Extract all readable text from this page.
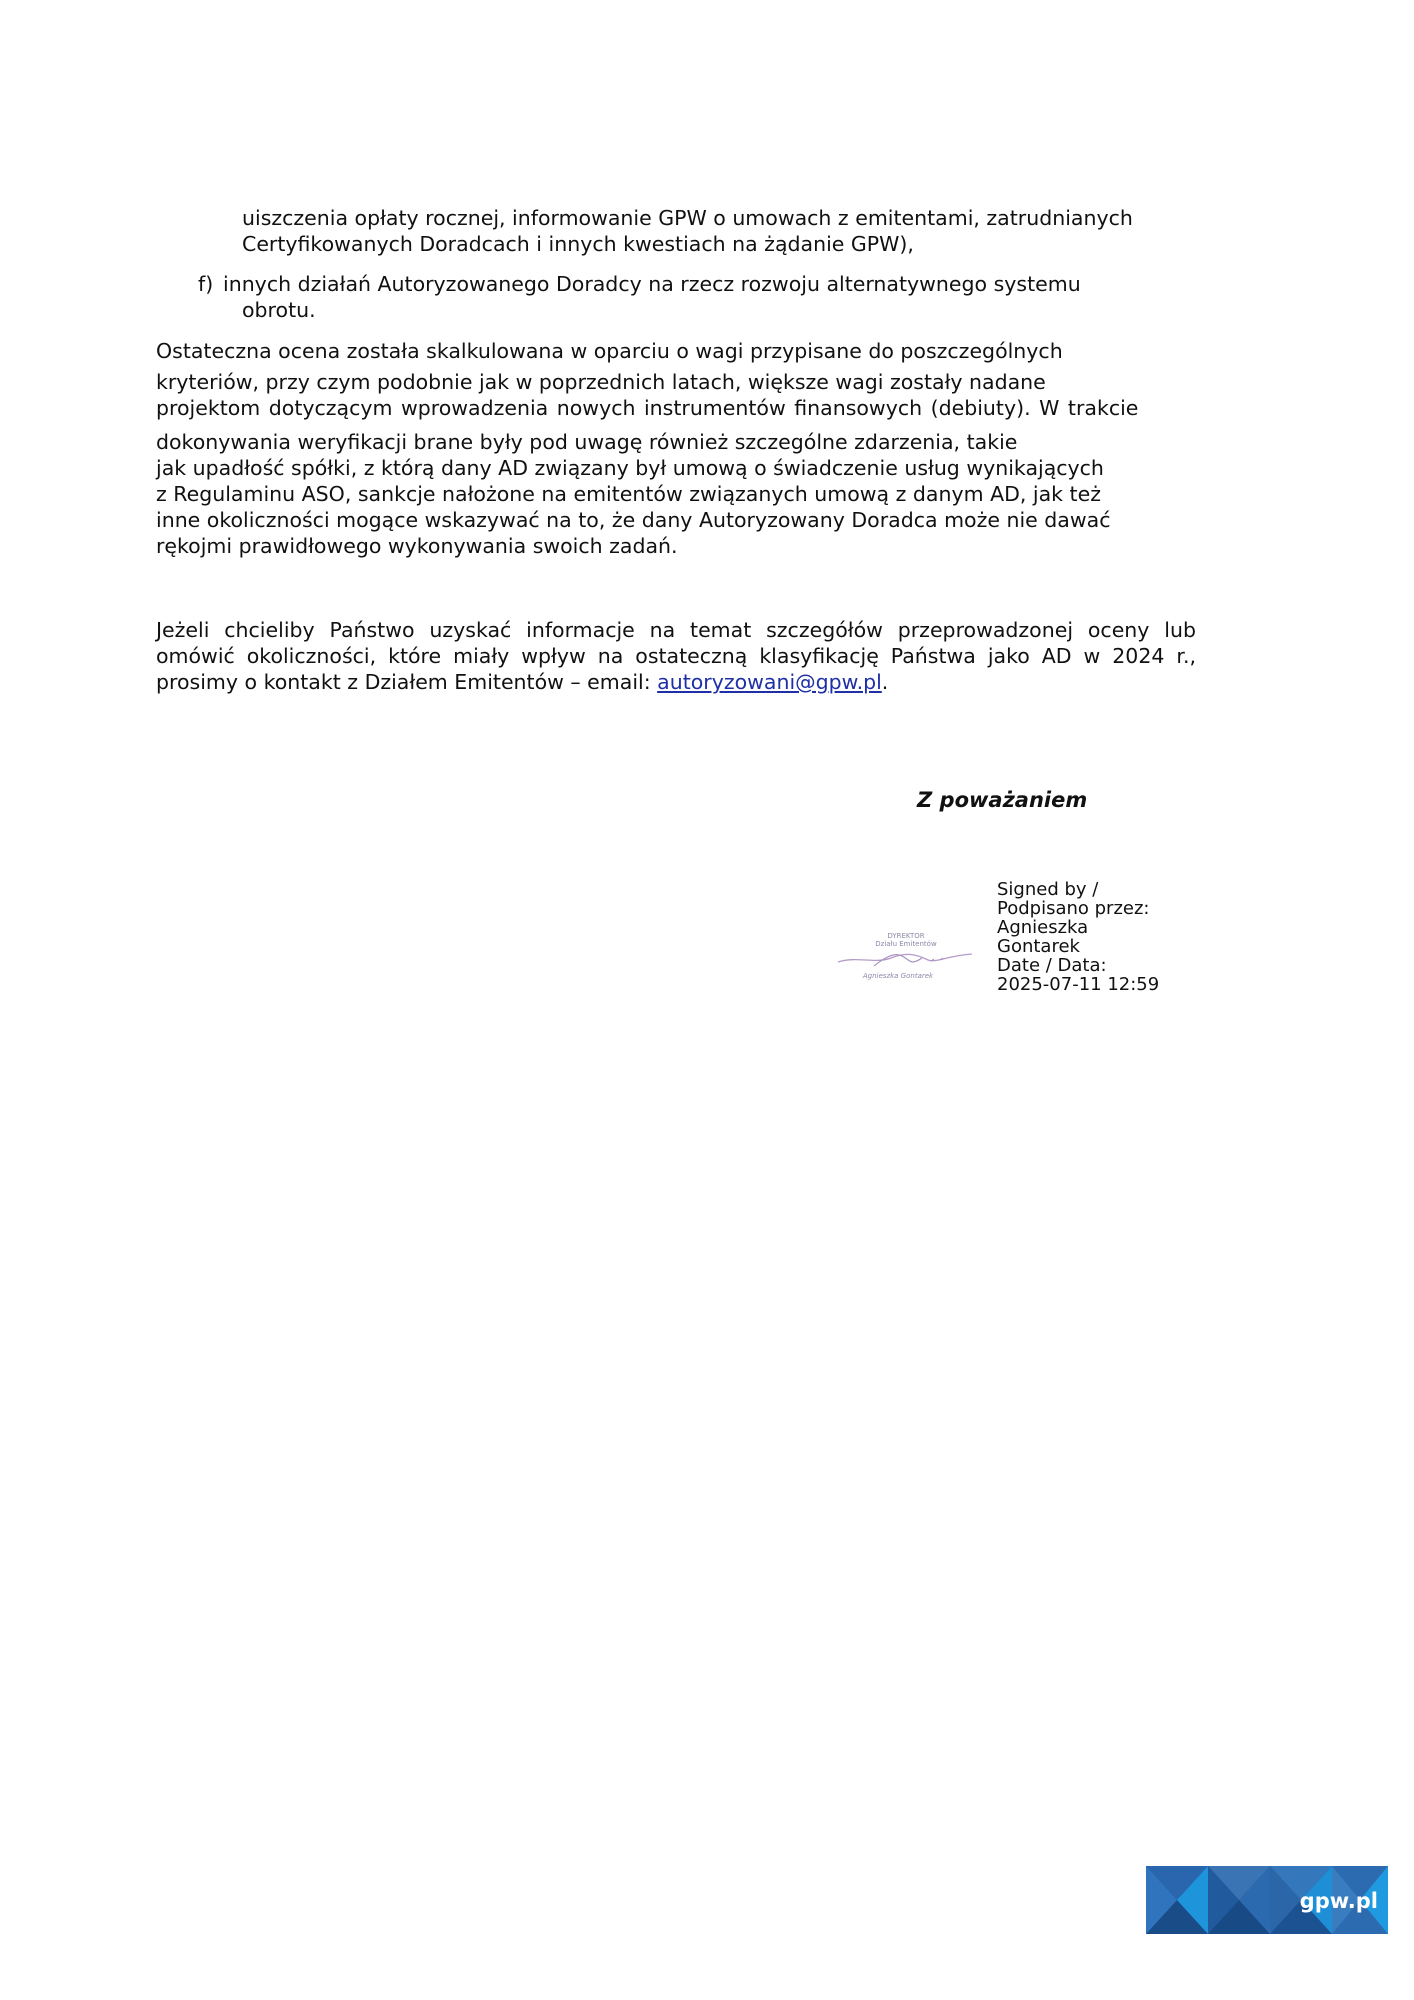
uiszczenia opłaty rocznej, informowanie GPW o umowach z emitentami, zatrudnianych
Certyfikowanych Doradcach i innych kwestiach na żądanie GPW),
f) innych działań Autoryzowanego Doradcy na rzecz rozwoju alternatywnego systemu
obrotu.
Ostateczna ocena została skalkulowana w oparciu o wagi przypisane do poszczególnych
kryteriów, przy czym podobnie jak w poprzednich latach, większe wagi zostały nadane
projektom dotyczącym wprowadzenia nowych instrumentów finansowych (debiuty). W trakcie
dokonywania weryfikacji brane były pod uwagę również szczególne zdarzenia, takie
jak upadłość spółki, z którą dany AD związany był umową o świadczenie usług wynikających
z Regulaminu ASO, sankcje nałożone na emitentów związanych umową z danym AD, jak też
inne okoliczności mogące wskazywać na to, że dany Autoryzowany Doradca może nie dawać
rękojmi prawidłowego wykonywania swoich zadań.
Jeżeli chcieliby Państwo uzyskać informacje na temat szczegółów przeprowadzonej oceny lub
omówić okoliczności, które miały wpływ na ostateczną klasyfikację Państwa jako AD w 2024 r.,
prosimy o kontakt z Działem Emitentów – email: autoryzowani@gpw.pl.
Z poważaniem
DYREKTOR
Działu Emitentów
Agnieszka Gontarek
Signed by /
Podpisano przez:
Agnieszka
Gontarek
Date / Data:
2025-07-11 12:59
gpw.pl
